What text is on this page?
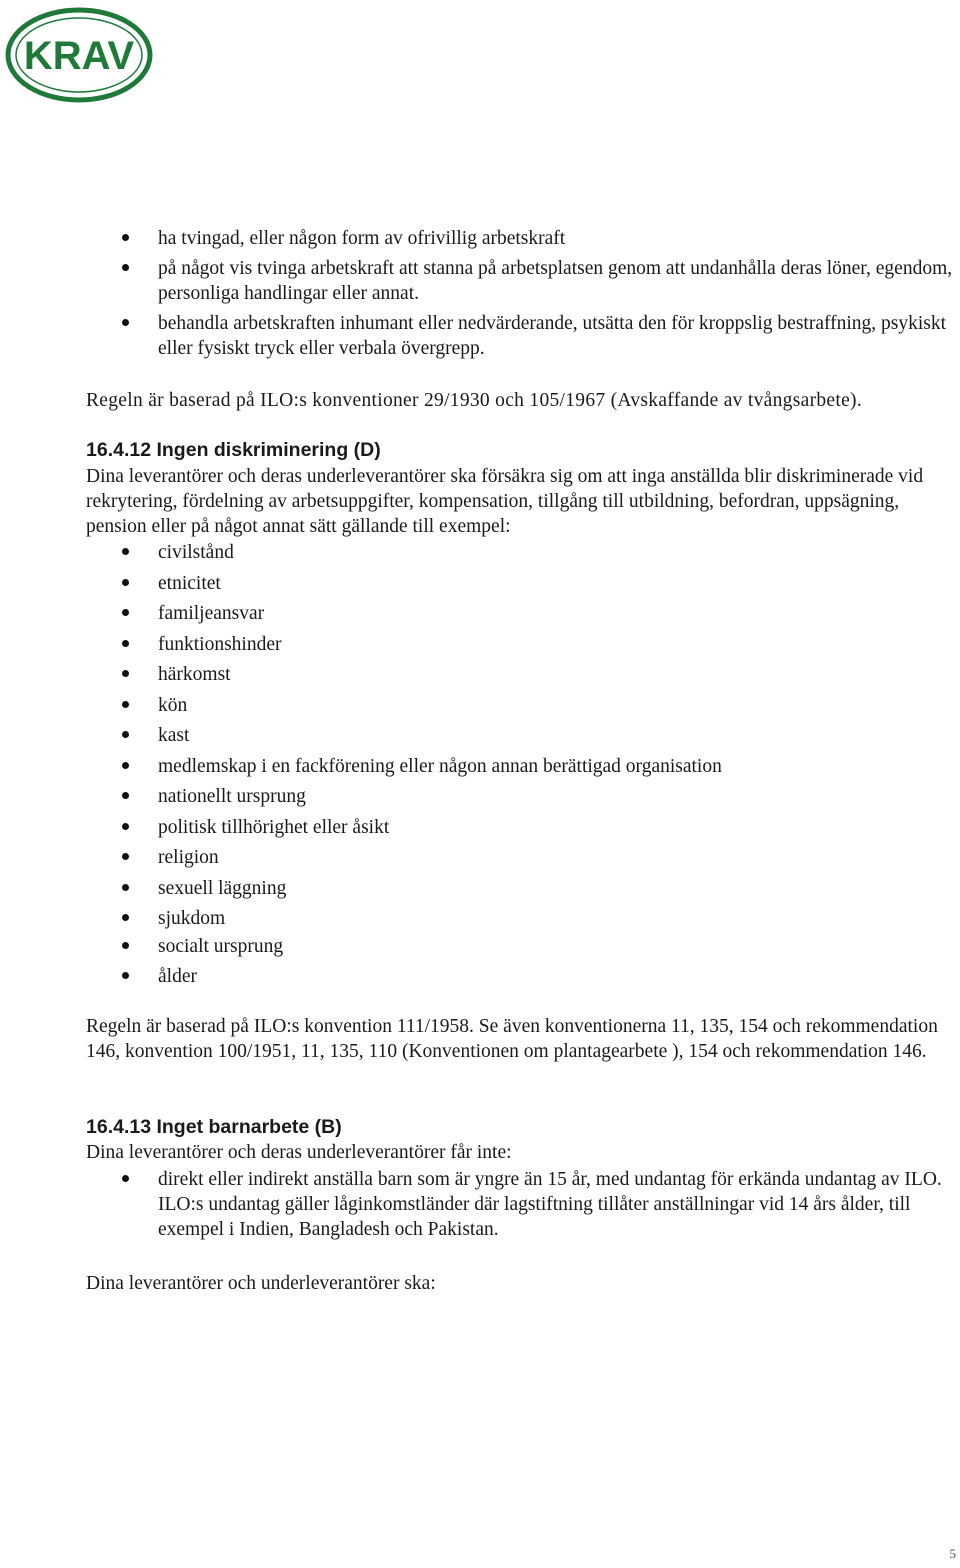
KRAV
ha tvingad, eller någon form av ofrivillig arbetskraft
på något vis tvinga arbetskraft att stanna på arbetsplatsen genom att undanhålla deras löner, egendom, personliga handlingar eller annat.
behandla arbetskraften inhumant eller nedvärderande, utsätta den för kroppslig bestraffning, psykiskt eller fysiskt tryck eller verbala övergrepp.
Regeln är baserad på ILO:s konventioner 29/1930 och 105/1967 (Avskaffande av tvångsarbete).
16.4.12 Ingen diskriminering (D)
Dina leverantörer och deras underleverantörer ska försäkra sig om att inga anställda blir diskriminerade vid rekrytering, fördelning av arbetsuppgifter, kompensation, tillgång till utbildning, befordran, uppsägning, pension eller på något annat sätt gällande till exempel:
civilstånd
etnicitet
familjeansvar
funktionshinder
härkomst
kön
kast
medlemskap i en fackförening eller någon annan berättigad organisation
nationellt ursprung
politisk tillhörighet eller åsikt
religion
sexuell läggning
sjukdom
socialt ursprung
ålder
Regeln är baserad på ILO:s konvention 111/1958. Se även konventionerna 11, 135, 154 och rekommendation 146, konvention 100/1951, 11, 135, 110 (Konventionen om plantagearbete ), 154 och rekommendation 146.
16.4.13 Inget barnarbete (B)
Dina leverantörer och deras underleverantörer får inte:
direkt eller indirekt anställa barn som är yngre än 15 år, med undantag för erkända undantag av ILO. ILO:s undantag gäller låginkomstländer där lagstiftning tillåter anställningar vid 14 års ålder, till exempel i Indien, Bangladesh och Pakistan.
Dina leverantörer och underleverantörer ska:
5
